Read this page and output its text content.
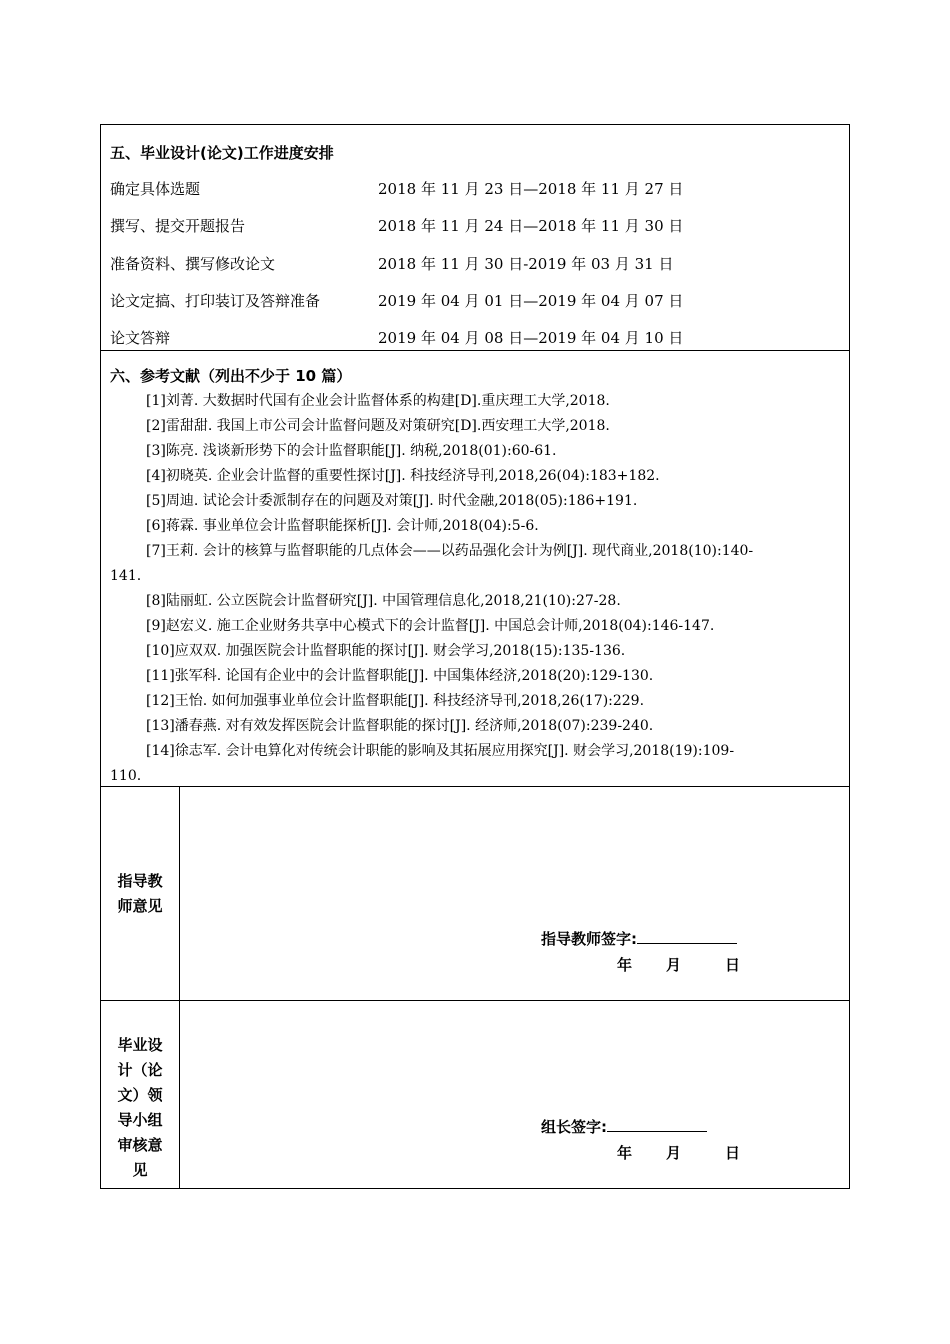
五、毕业设计(论文)工作进度安排
确定具体选题	2018 年 11 月 23 日—2018 年 11 月 27 日
撰写、提交开题报告	2018 年 11 月 24 日—2018 年 11 月 30 日
准备资料、撰写修改论文	2018 年 11 月 30 日-2019 年 03 月 31 日
论文定搞、打印装订及答辩准备	2019 年 04 月 01 日—2019 年 04 月 07 日
论文答辩	2019 年 04 月 08 日—2019 年 04 月 10 日
六、参考文献（列出不少于 10 篇）
[1]刘菁. 大数据时代国有企业会计监督体系的构建[D].重庆理工大学,2018.
[2]雷甜甜. 我国上市公司会计监督问题及对策研究[D].西安理工大学,2018.
[3]陈亮. 浅谈新形势下的会计监督职能[J]. 纳税,2018(01):60-61.
[4]初晓英. 企业会计监督的重要性探讨[J]. 科技经济导刊,2018,26(04):183+182.
[5]周迪. 试论会计委派制存在的问题及对策[J]. 时代金融,2018(05):186+191.
[6]蒋霖. 事业单位会计监督职能探析[J]. 会计师,2018(04):5-6.
[7]王莉. 会计的核算与监督职能的几点体会——以药品强化会计为例[J]. 现代商业,2018(10):140-141.
[8]陆丽虹. 公立医院会计监督研究[J]. 中国管理信息化,2018,21(10):27-28.
[9]赵宏义. 施工企业财务共享中心模式下的会计监督[J]. 中国总会计师,2018(04):146-147.
[10]应双双. 加强医院会计监督职能的探讨[J]. 财会学习,2018(15):135-136.
[11]张军科. 论国有企业中的会计监督职能[J]. 中国集体经济,2018(20):129-130.
[12]王怡. 如何加强事业单位会计监督职能[J]. 科技经济导刊,2018,26(17):229.
[13]潘春燕. 对有效发挥医院会计监督职能的探讨[J]. 经济师,2018(07):239-240.
[14]徐志军. 会计电算化对传统会计职能的影响及其拓展应用探究[J]. 财会学习,2018(19):109-110.
指导教师意见
指导教师签字:
年 月	日
毕业设计（论文）领导小组审核意见
组长签字:
年 月	日
